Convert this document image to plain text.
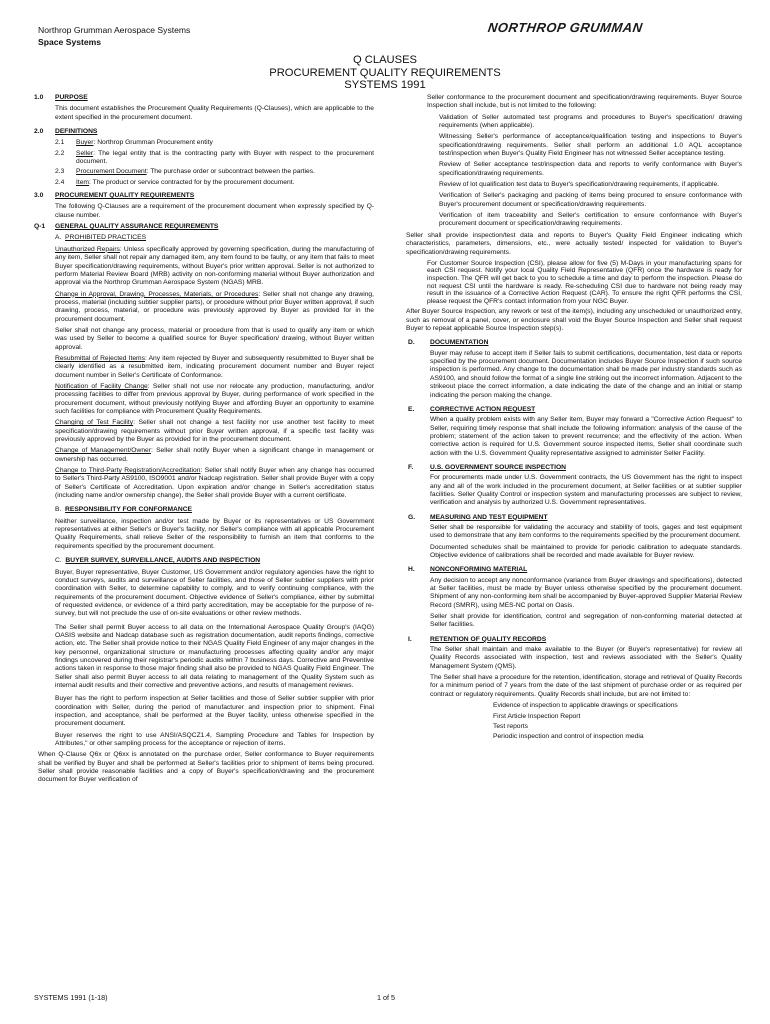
Northrop Grumman Aerospace Systems
Space Systems
NORTHROP GRUMMAN
Q CLAUSES
PROCUREMENT QUALITY REQUIREMENTS
SYSTEMS 1991
1.0 PURPOSE

This document establishes the Procurement Quality Requirements (Q-Clauses), which are applicable to the extent specified in the procurement document.

2.0 DEFINITIONS
2.1	Buyer: Northrop Grumman Procurement entity
2.2	Seller: The legal entity that is the contracting party with Buyer with respect to the procurement document.
2.3	Procurement Document: The purchase order or subcontract between the parties.
2.4	Item: The product or service contracted for by the procurement document.
3.0 PROCUREMENT QUALITY REQUIREMENTS

The following Q-Clauses are a requirement of the procurement document when expressly specified by Q-clause number.

Q-1 GENERAL QUALITY ASSURANCE REQUIREMENTS
A. PROHIBITED PRACTICES

Unauthorized Repairs: Unless specifically approved by governing specification, during the manufacturing of any item, Seller shall not repair any damaged item, any item found to be faulty, or any item that fails to meet Buyer specification/drawing requirements, without Buyer's prior written approval. Seller is not authorized to perform Material Review Board (MRB) activity on non-conforming material without Buyer authorization and approval via the Northrop Grumman Aerospace System (NGAS) MRB.

Change in Approval, Drawing, Processes, Materials, or Procedures: Seller shall not change any drawing, process, material (including subtier supplier parts), or procedure without prior Buyer written approval, if such drawing, process, material, or procedure was previously approved by Buyer as provided for in the procurement document.

Seller shall not change any process, material or procedure from that is used to qualify any item or which was used by Seller to become a qualified source for Buyer specification/ drawing, without Buyer written approval.

Resubmittal of Rejected Items: Any item rejected by Buyer and subsequently resubmitted to Buyer shall be clearly identified as a resubmitted item, indicating procurement document number and Buyer reject document number in Seller's Certificate of Conformance.

Notification of Facility Change: Seller shall not use nor relocate any production, manufacturing, and/or processing facilities to differ from previous approval by Buyer, during performance of work specified in the procurement document, without previously notifying Buyer and affording Buyer an opportunity to examine such facilities for compliance with Procurement Quality Requirements.

Changing of Test Facility: Seller shall not change a test facility nor use another test facility to meet specification/drawing requirements without prior Buyer written approval, if a specific test facility was previously approved by the Buyer as provided for in the procurement document.

Change of Management/Owner: Seller shall notify Buyer when a significant change in management or ownership has occurred.

Change to Third-Party Registration/Accreditation: Seller shall notify Buyer when any change has occurred to Seller's Third-Party AS9100, ISO9001 and/or Nadcap registration. Seller shall provide Buyer with a copy of Seller's Certificate of Accreditation. Upon expiration and/or change in Seller's accreditation status (including name and/or ownership change), the Seller shall provide Buyer with a current certificate.

B. RESPONSIBILITY FOR CONFORMANCE

Neither surveillance, inspection and/or test made by Buyer or its representatives or US Government representatives at either Seller's or Buyer's facility, nor Seller's compliance with all applicable Procurement Quality Requirements, shall relieve Seller of the responsibility to furnish an item that conforms to the requirements specified by the procurement document.

C. BUYER SURVEY, SURVEILLANCE, AUDITS AND INSPECTION

Buyer, Buyer representative, Buyer Customer, US Government and/or regulatory agencies have the right to conduct surveys, audits and surveillance of Seller facilities, and those of Seller subtier suppliers with prior coordination with Seller, to determine capability to comply, and to verify continuing compliance, with the requirements of the procurement document. Objective evidence of Seller's compliance, either by submittal of requested evidence, or evidence of a third party accreditation, may be acceptable for the purpose of re-survey, but will not preclude the use of on-site evaluations or other review methods.

The Seller shall permit Buyer access to all data on the International Aerospace Quality Group's (IAQG) OASIS website and Nadcap database such as registration documentation, audit reports findings, corrective action, etc. The Seller shall provide notice to their NGAS Quality Field Engineer of any major changes in the key personnel, organizational structure or manufacturing processes affecting quality and/or any major findings uncovered during their registrar's periodic audits within 7 business days. Corrective and Preventive actions taken in response to those major finding shall also be provided to NGAS Quality Field Engineer. The Seller shall also permit Buyer access to all data relating to management of the Quality System such as internal audit results and their corrective and preventive actions, and results of management reviews.

Buyer has the right to perform inspection at Seller facilities and those of Seller subtier supplier with prior coordination with Seller, during the period of manufacturer and inspection prior to shipment. Final inspection, and acceptance, shall be performed at the Buyer facility, unless otherwise specified in the procurement document.

Buyer reserves the right to use ANSI/ASQCZ1.4, Sampling Procedure and Tables for Inspection by Attributes," or other sampling process for the acceptance or rejection of items.

When Q-Clause Q6x or Q6xx is annotated on the purchase order, Seller conformance to Buyer requirements shall be verified by Buyer and shall be performed at Seller's facilities prior to shipment of items being procured. Seller shall provide reasonable facilities and a copy of Buyer's specification/drawing and the procurement document for Buyer verification of

Seller conformance to the procurement document and specification/drawing requirements. Buyer Source Inspection shall include, but is not limited to the following:

Validation of Seller automated test programs and procedures to Buyer's specification/ drawing requirements (when applicable).
Witnessing Seller's performance of acceptance/qualification testing and inspections to Buyer's specification/drawing requirements. Seller shall perform an additional 1.0 AQL acceptance test/inspection when Buyer's Quality Field Engineer has not witnessed Seller acceptance testing.
Review of Seller acceptance test/inspection data and reports to verify conformance with Buyer's specification/drawing requirements.
Review of lot qualification test data to Buyer's specification/drawing requirements, if applicable.
Verification of Seller's packaging and packing of items being procured to ensure conformance with Buyer's procurement document or specification/drawing requirements.
Verification of item traceability and Seller's certification to ensure conformance with Buyer's procurement document or specification/drawing requirements.

Seller shall provide inspection/test data and reports to Buyer's Quality Field Engineer indicating which characteristics, parameters, dimensions, etc., were actually tested/ inspected for validation to Buyer's specification/drawing requirements.

For Customer Source Inspection (CSI), please allow for five (5) M-Days in your manufacturing spans for each CSI request. Notify your local Quality Field Representative (QFR) once the hardware is ready for inspection. The QFR will get back to you to schedule a time and day to perform the inspection. Please do not request CSI until the hardware is ready. Re-scheduling CSI due to hardware not being ready may result in the issuance of a Corrective Action Request (CAR). To ensure the right QFR performs the CSI, please request the QFR's contact information from your NGC Buyer.

After Buyer Source Inspection, any rework or test of the item(s), including any unscheduled or unauthorized entry, such as removal of a panel, cover, or enclosure shall void the Buyer Source Inspection and Seller shall request Buyer to repeat applicable Source Inspection step(s).

D. DOCUMENTATION

Buyer may refuse to accept item if Seller fails to submit certifications, documentation, test data or reports specified by the procurement document. Documentation includes Buyer Source Inspection if such source inspection is performed. Any change to the documentation shall be made per industry standards such as AS9100, and should follow the format of a single line striking out the incorrect information. Adjacent to the strikeout place the correct information, a date indicating the date of the change and an initial or stamp indicating the person making the change.

E. CORRECTIVE ACTION REQUEST

When a quality problem exists with any Seller item, Buyer may forward a "Corrective Action Request" to Seller, requiring timely response that shall include the following information: analysis of the cause of the problem; statement of the action taken to prevent recurrence; and the effectivity of the action. When corrective action is required for U.S. Government source inspected items, Seller shall coordinate such action with the U.S. Government Quality representative assigned to administer Seller Facility.

F.	U.S. GOVERNMENT SOURCE INSPECTION

For procurements made under U.S. Government contracts, the US Government has the right to inspect any and all of the work included in the procurement document, at Seller facilities or at subtier supplier facilities. Seller Quality Control or inspection system and manufacturing processes are subject to review, verification and analysis by authorized U.S. Government representatives.

G. MEASURING AND TEST EQUIPMENT

Seller shall be responsible for validating the accuracy and stability of tools, gages and test equipment used to demonstrate that any item conforms to the requirements specified by the procurement document.

Documented schedules shall be maintained to provide for periodic calibration to adequate standards. Objective evidence of calibrations shall be recorded and made available for Buyer review.

H. NONCONFORMING MATERIAL

Any decision to accept any nonconformance (variance from Buyer drawings and specifications), detected at Seller facilities, must be made by Buyer unless otherwise specified by the procurement document. Shipment of any non-conforming item shall be accompanied by Buyer-approved Supplier Material Review Record (SMRR), using MES-NC portal on Oasis.

Seller shall provide for identification, control and segregation of non-conforming material detected at Seller facilities.

I.	RETENTION OF QUALITY RECORDS

The Seller shall maintain and make available to the Buyer (or Buyer's representative) for review all Quality Records associated with inspection, test and reviews associated with the Seller's Quality Management System (QMS).

The Seller shall have a procedure for the retention, identification, storage and retrieval of Quality Records for a minimum period of 7 years from the date of the last shipment of purchase order or as required per contract or regulatory requirements. Quality Records shall include, but are not limited to:

Evidence of inspection to applicable drawings or specifications
First Article Inspection Report
Test reports
Periodic inspection and control of inspection media
SYSTEMS 1991 (1-18)	1 of 5
